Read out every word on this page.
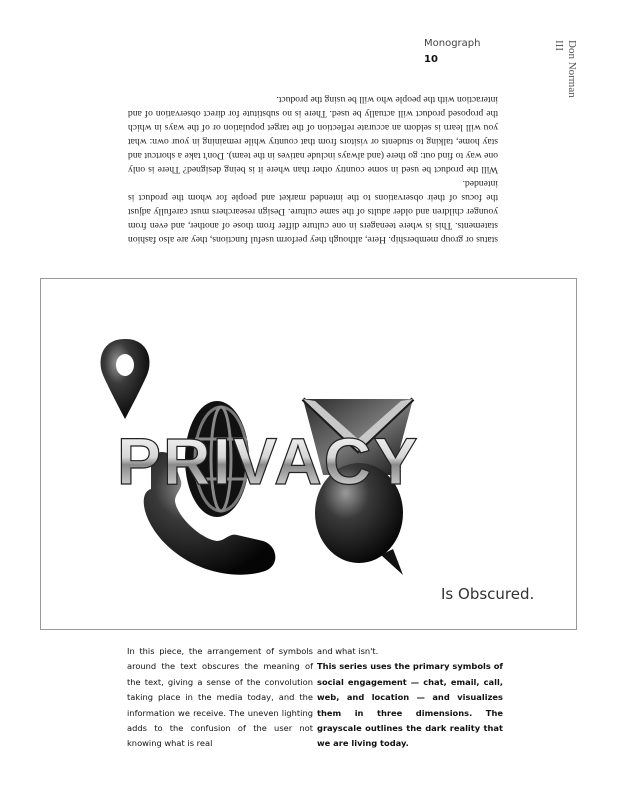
Monograph
10	Don Norman
III

status or group membership. Here, although they perform useful functions, they are also fashion statements. This is where teenagers in one culture differ from those of another, and even from younger children and older adults of the same culture. Design researchers must carefully adjust the focus of their observations to the intended market and people for whom the product is intended.

Will the product be used in some country other than where it is being designed? There is only one way to find out: go there (and always include natives in the team). Don't take a shortcut and stay home, talking to students or visitors from that country while remaining in your own: what you will learn is seldom an accurate reflection of the target population or of the ways in which the proposed product will actually be used. There is no substitute for direct observation of and interaction with the people who will be using the product.

PRIVACY
Is Obscured.

In this piece, the arrangement of symbols around the text obscures the meaning of the text, giving a sense of the convolution taking place in the media today, and the information we receive. The uneven lighting adds to the confusion of the user not knowing what is real

and what isn't.

This series uses the primary symbols of social engagement — chat, email, call, web, and location — and visualizes them in three dimensions. The grayscale outlines the dark reality that we are living today.
